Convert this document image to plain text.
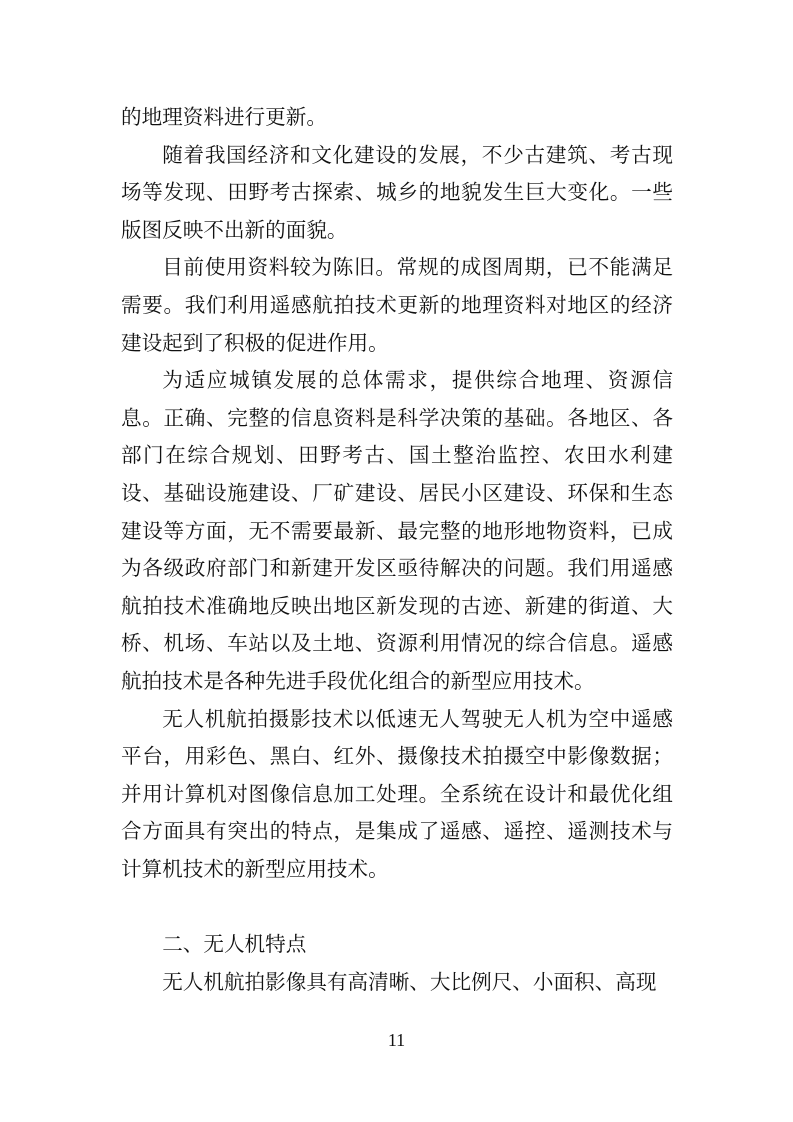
的地理资料进行更新。

随着我国经济和文化建设的发展，不少古建筑、考古现场等发现、田野考古探索、城乡的地貌发生巨大变化。一些版图反映不出新的面貌。

目前使用资料较为陈旧。常规的成图周期，已不能满足需要。我们利用遥感航拍技术更新的地理资料对地区的经济建设起到了积极的促进作用。

为适应城镇发展的总体需求，提供综合地理、资源信息。正确、完整的信息资料是科学决策的基础。各地区、各部门在综合规划、田野考古、国土整治监控、农田水利建设、基础设施建设、厂矿建设、居民小区建设、环保和生态建设等方面，无不需要最新、最完整的地形地物资料，已成为各级政府部门和新建开发区亟待解决的问题。我们用遥感航拍技术准确地反映出地区新发现的古迹、新建的街道、大桥、机场、车站以及土地、资源利用情况的综合信息。遥感航拍技术是各种先进手段优化组合的新型应用技术。

无人机航拍摄影技术以低速无人驾驶无人机为空中遥感平台，用彩色、黑白、红外、摄像技术拍摄空中影像数据；并用计算机对图像信息加工处理。全系统在设计和最优化组合方面具有突出的特点，是集成了遥感、遥控、遥测技术与计算机技术的新型应用技术。

二、无人机特点

无人机航拍影像具有高清晰、大比例尺、小面积、高现

11
